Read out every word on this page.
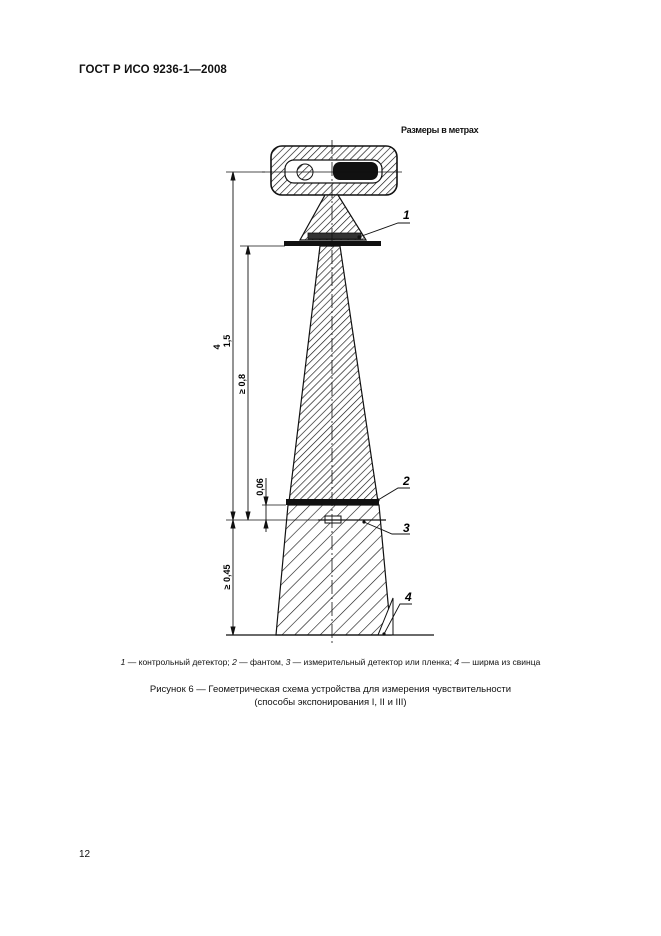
ГОСТ Р ИСО 9236-1—2008
Размеры в метрах
4 1,5
≥ 0,8
0,06
≥ 0,45
1
2
3
4
1 — контрольный детектор; 2 — фантом, 3 — измерительный детектор или пленка; 4 — ширма из свинца
Рисунок 6 — Геометрическая схема устройства для измерения чувствительности
(способы экспонирования I, II и III)
12
